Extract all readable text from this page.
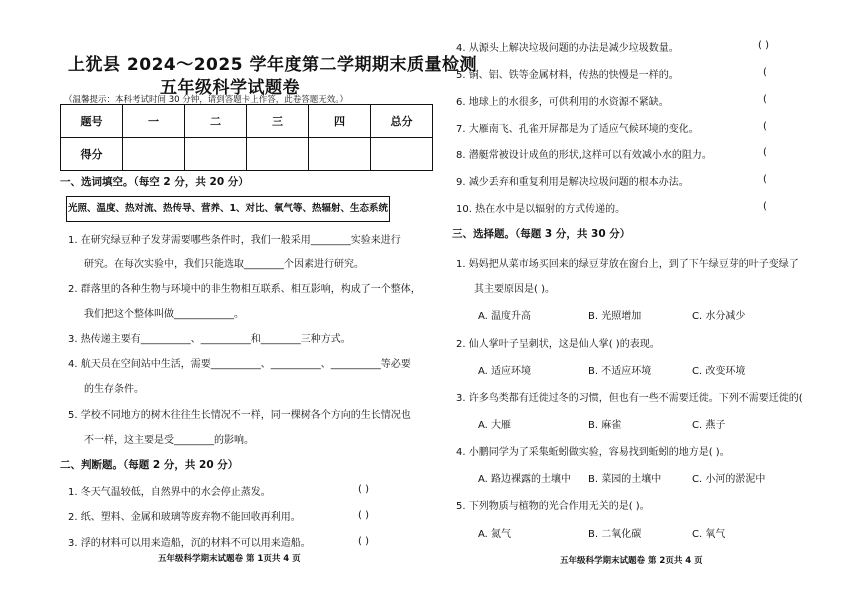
上犹县 2024～2025 学年度第二学期期末质量检测
五年级科学试题卷
（温馨提示：本科考试时间 30 分钟，请到答题卡上作答，此卷答题无效。）
题号	一	二	三	四	总分
得分					
一、选词填空。（每空 2 分，共 20 分）
光照、温度、热对流、热传导、营养、1、对比、氧气等、热辐射、生态系统
1. 在研究绿豆种子发芽需要哪些条件时，我们一般采用________实验来进行
研究。在每次实验中，我们只能选取________个因素进行研究。
2. 群落里的各种生物与环境中的非生物相互联系、相互影响，构成了一个整体，
我们把这个整体叫做____________。
3. 热传递主要有__________、__________和________三种方式。
4. 航天员在空间站中生活，需要__________、__________、__________等必要
的生存条件。
5. 学校不同地方的树木往往生长情况不一样，同一棵树各个方向的生长情况也
不一样，这主要是受________的影响。
二、判断题。（每题 2 分，共 20 分）
1. 冬天气温较低，自然界中的水会停止蒸发。	( )
2. 纸、塑料、金属和玻璃等废弃物不能回收再利用。	( )
3. 浮的材料可以用来造船，沉的材料不可以用来造船。	( )
五年级科学期末试题卷 第 1页共 4 页
4. 从源头上解决垃圾问题的办法是减少垃圾数量。	( )
5. 铜、铝、铁等金属材料，传热的快慢是一样的。	(
6. 地球上的水很多，可供利用的水资源不紧缺。	(
7. 大雁南飞、孔雀开屏都是为了适应气候环境的变化。	(
8. 潜艇常被设计成鱼的形状,这样可以有效减小水的阻力。	(
9. 减少丢弃和重复利用是解决垃圾问题的根本办法。	(
10. 热在水中是以辐射的方式传递的。	(
三、选择题。（每题 3 分，共 30 分）
1. 妈妈把从菜市场买回来的绿豆芽放在窗台上，到了下午绿豆芽的叶子变绿了
其主要原因是( )。
A. 温度升高	B. 光照增加	C. 水分减少
2. 仙人掌叶子呈刺状，这是仙人掌( )的表现。
A. 适应环境	B. 不适应环境	C. 改变环境
3. 许多鸟类都有迁徙过冬的习惯，但也有一些不需要迁徙。下列不需要迁徙的(
A. 大雁	B. 麻雀	C. 燕子
4. 小鹏同学为了采集蚯蚓做实验，容易找到蚯蚓的地方是( )。
A. 路边裸露的土壤中 B. 菜园的土壤中	C. 小河的淤泥中
5. 下列物质与植物的光合作用无关的是( )。
A. 氮气	B. 二氧化碳	C. 氧气
五年级科学期末试题卷 第 2页共 4 页
